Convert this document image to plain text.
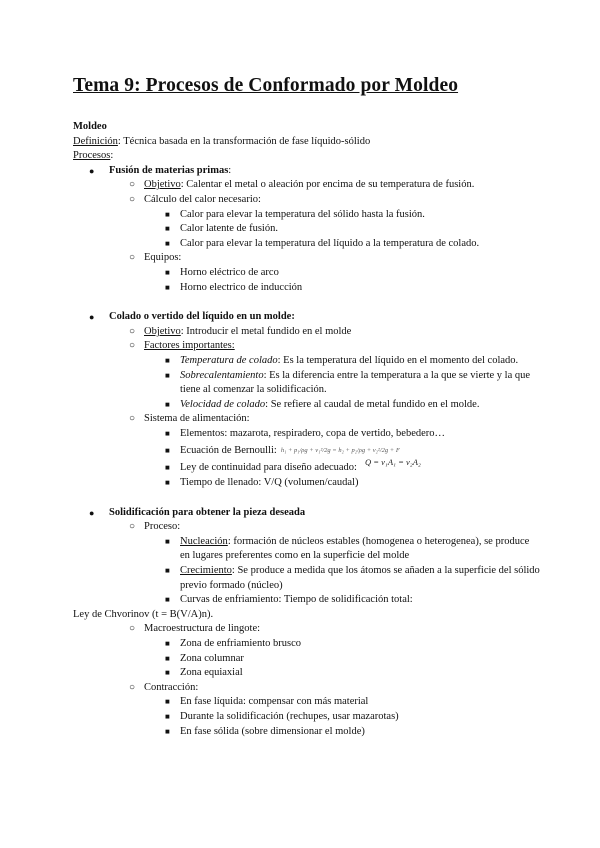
Tema 9: Procesos de Conformado por Moldeo
Moldeo
Definición: Técnica basada en la transformación de fase líquido-sólido
Procesos:
● Fusión de materias primas:
○ Objetivo: Calentar el metal o aleación por encima de su temperatura de fusión.
○ Cálculo del calor necesario:
■ Calor para elevar la temperatura del sólido hasta la fusión.
■ Calor latente de fusión.
■ Calor para elevar la temperatura del líquido a la temperatura de colado.
○ Equipos:
■ Horno eléctrico de arco
■ Horno electrico de inducción
● Colado o vertido del líquido en un molde:
○ Objetivo: Introducir el metal fundido en el molde
○ Factores importantes:
■ Temperatura de colado: Es la temperatura del líquido en el momento del colado.
■ Sobrecalentamiento: Es la diferencia entre la temperatura a la que se vierte y la que tiene al comenzar la solidificación.
■ Velocidad de colado: Se refiere al caudal de metal fundido en el molde.
○ Sistema de alimentación:
■ Elementos: mazarota, respiradero, copa de vertido, bebedero…
■ Ecuación de Bernoulli: h₁ + p₁/ρg + v₁²/2g = h₂ + p₂/ρg + v₂²/2g + F
■ Ley de continuidad para diseño adecuado: Q = v₁A₁ = v₂A₂
■ Tiempo de llenado: V/Q (volumen/caudal)
● Solidificación para obtener la pieza deseada
○ Proceso:
■ Nucleación: formación de núcleos estables (homogenea o heterogenea), se produce en lugares preferentes como en la superficie del molde
■ Crecimiento: Se produce a medida que los átomos se añaden a la superficie del sólido previo formado (núcleo)
■ Curvas de enfriamiento: Tiempo de solidificación total:
Ley de Chvorinov (t = B(V/A)n).
○ Macroestructura de lingote:
■ Zona de enfriamiento brusco
■ Zona columnar
■ Zona equiaxial
○ Contracción:
■ En fase líquida: compensar con más material
■ Durante la solidificación (rechupes, usar mazarotas)
■ En fase sólida (sobre dimensionar el molde)
